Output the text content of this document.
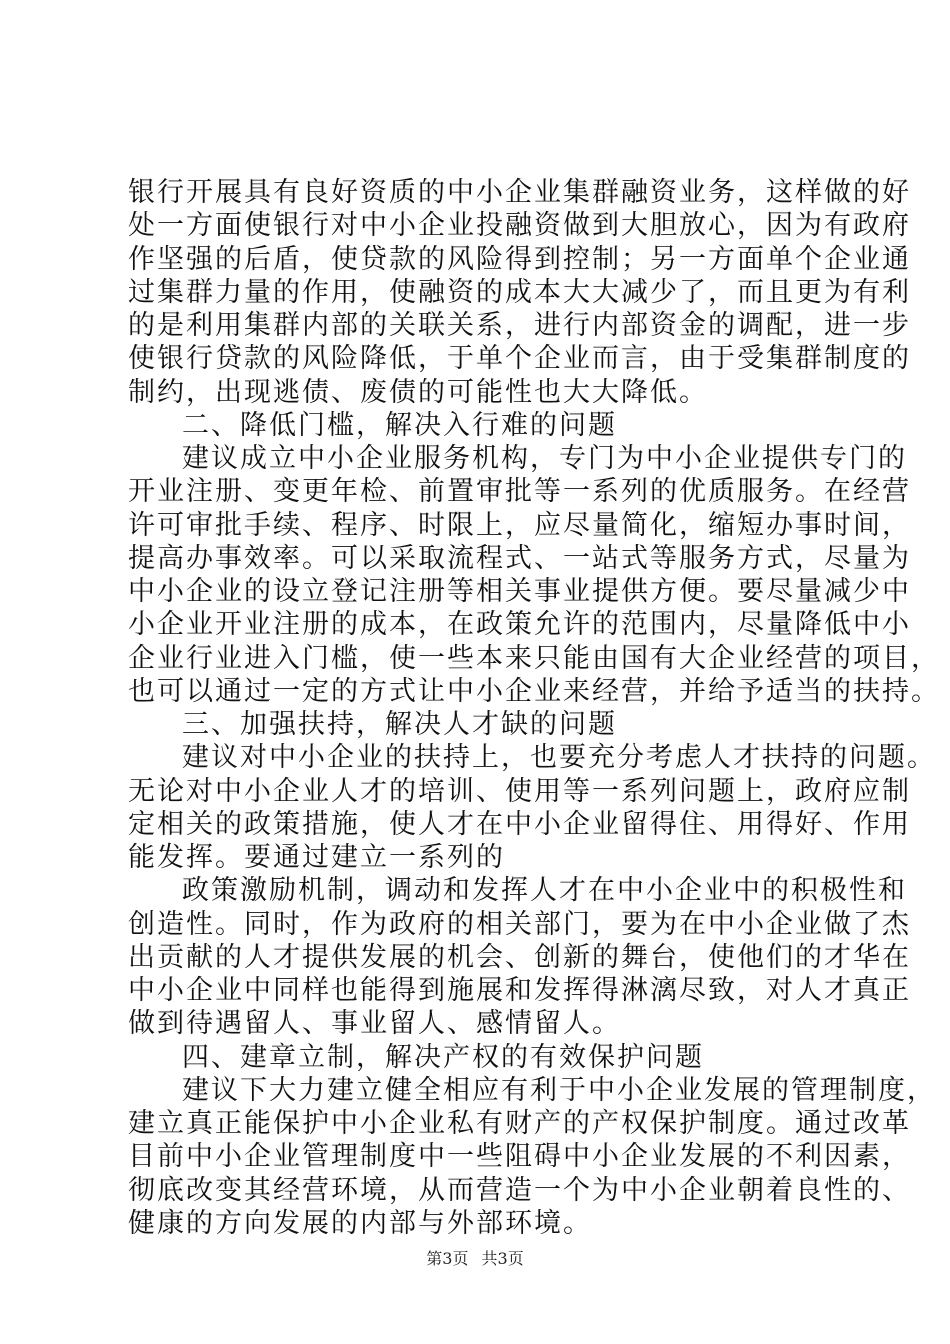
银行开展具有良好资质的中小企业集群融资业务，这样做的好
处一方面使银行对中小企业投融资做到大胆放心，因为有政府
作坚强的后盾，使贷款的风险得到控制；另一方面单个企业通
过集群力量的作用，使融资的成本大大减少了，而且更为有利
的是利用集群内部的关联关系，进行内部资金的调配，进一步
使银行贷款的风险降低，于单个企业而言，由于受集群制度的
制约，出现逃债、废债的可能性也大大降低。
二、降低门槛，解决入行难的问题
建议成立中小企业服务机构，专门为中小企业提供专门的
开业注册、变更年检、前置审批等一系列的优质服务。在经营
许可审批手续、程序、时限上，应尽量简化，缩短办事时间，
提高办事效率。可以采取流程式、一站式等服务方式，尽量为
中小企业的设立登记注册等相关事业提供方便。要尽量减少中
小企业开业注册的成本，在政策允许的范围内，尽量降低中小
企业行业进入门槛，使一些本来只能由国有大企业经营的项目，
也可以通过一定的方式让中小企业来经营，并给予适当的扶持。
三、加强扶持，解决人才缺的问题
建议对中小企业的扶持上，也要充分考虑人才扶持的问题。
无论对中小企业人才的培训、使用等一系列问题上，政府应制
定相关的政策措施，使人才在中小企业留得住、用得好、作用
能发挥。要通过建立一系列的
政策激励机制，调动和发挥人才在中小企业中的积极性和
创造性。同时，作为政府的相关部门，要为在中小企业做了杰
出贡献的人才提供发展的机会、创新的舞台，使他们的才华在
中小企业中同样也能得到施展和发挥得淋漓尽致，对人才真正
做到待遇留人、事业留人、感情留人。
四、建章立制，解决产权的有效保护问题
建议下大力建立健全相应有利于中小企业发展的管理制度，
建立真正能保护中小企业私有财产的产权保护制度。通过改革
目前中小企业管理制度中一些阻碍中小企业发展的不利因素，
彻底改变其经营环境，从而营造一个为中小企业朝着良性的、
健康的方向发展的内部与外部环境。
第3页 共3页
